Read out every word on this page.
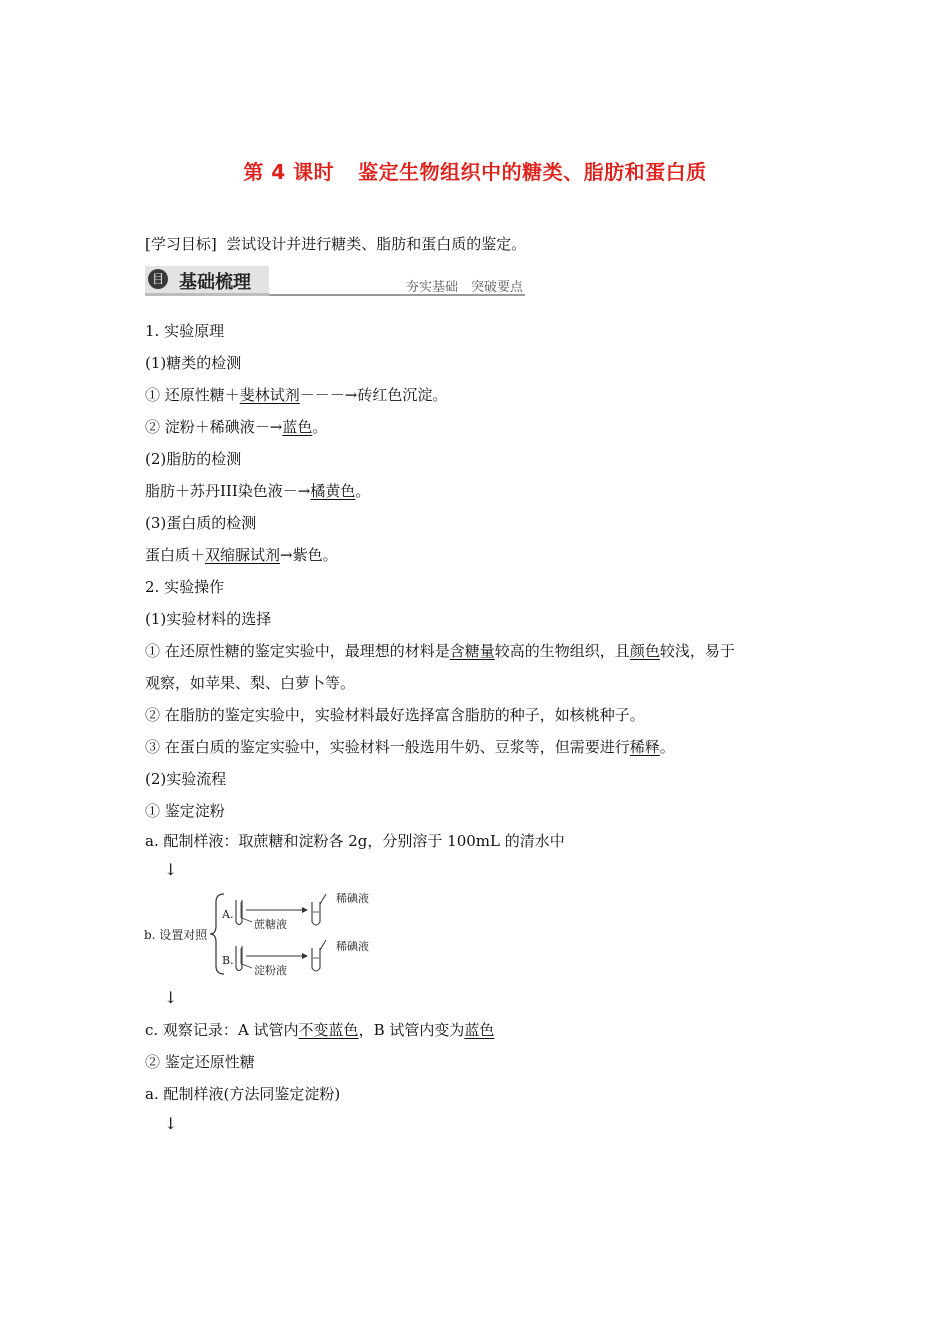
第 4 课时 鉴定生物组织中的糖类、脂肪和蛋白质
[学习目标] 尝试设计并进行糖类、脂肪和蛋白质的鉴定。
目 基础梳理	夯实基础　突破要点
1. 实验原理
(1)糖类的检测
① 还原性糖＋斐林试剂－－－→砖红色沉淀。
② 淀粉＋稀碘液－→蓝色。
(2)脂肪的检测
脂肪＋苏丹III染色液－→橘黄色。
(3)蛋白质的检测
蛋白质＋双缩脲试剂→紫色。
2. 实验操作
(1)实验材料的选择
① 在还原性糖的鉴定实验中，最理想的材料是含糖量较高的生物组织，且颜色较浅，易于
观察，如苹果、梨、白萝卜等。
② 在脂肪的鉴定实验中，实验材料最好选择富含脂肪的种子，如核桃种子。
③ 在蛋白质的鉴定实验中，实验材料一般选用牛奶、豆浆等，但需要进行稀释。
(2)实验流程
① 鉴定淀粉
a. 配制样液：取蔗糖和淀粉各 2g，分别溶于 100mL 的清水中
↓
b. 设置对照
A.
蔗糖液
稀碘液
B.
淀粉液
稀碘液
↓
c. 观察记录：A 试管内不变蓝色，B 试管内变为蓝色
② 鉴定还原性糖
a. 配制样液(方法同鉴定淀粉)
↓
